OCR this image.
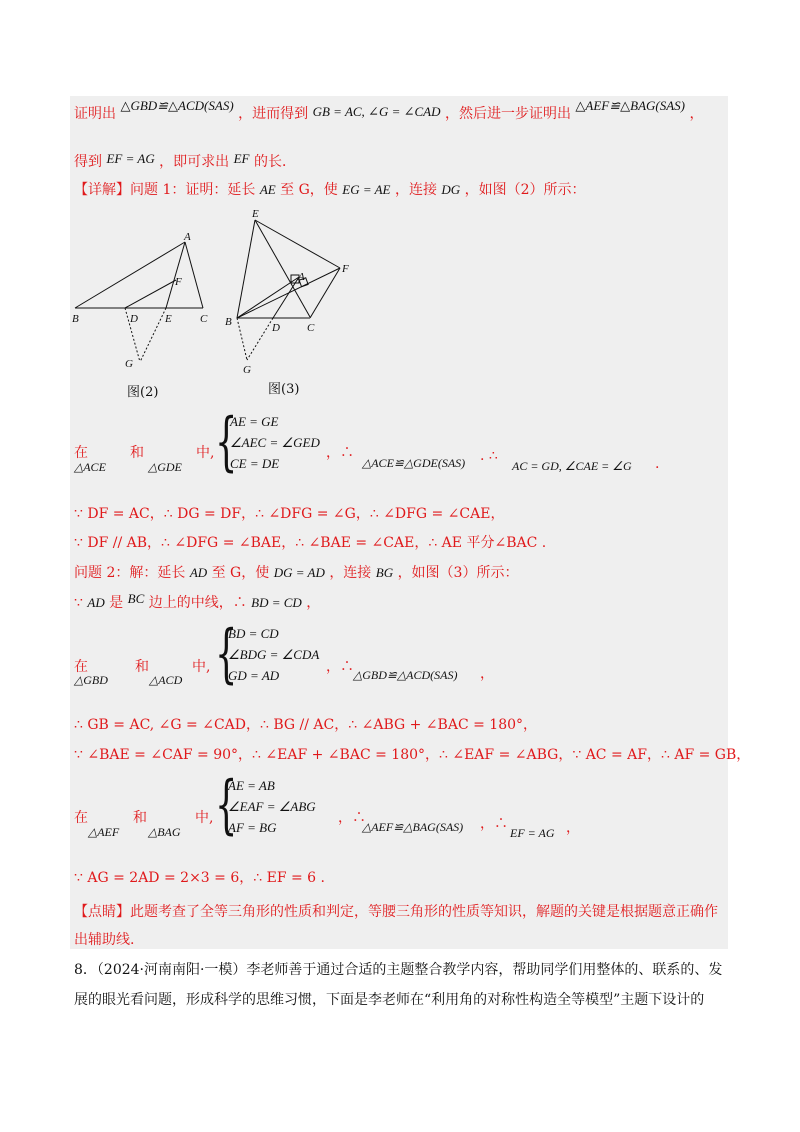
证明出 △GBD≌△ACD(SAS) ，进而得到 GB = AC, ∠G = ∠CAD ，然后进一步证明出 △AEF≌△BAG(SAS) ，
得到 EF = AG ，即可求出 EF 的长．
【详解】问题 1：证明：延长 AE 至 G，使 EG = AE ，连接 DG ，如图（2）所示：
A
F
B	D E	C
G
图(2)
E
F
A
B	D C
G
图(3)
在	和	中,
△ACE	△GDE {
AE = GE
∠AEC = ∠GED
CE = DE
，∴
△ACE≌△GDE(SAS) . ∴
AC = GD, ∠CAE = ∠G .
∵ DF = AC，∴ DG = DF，∴ ∠DFG = ∠G，∴ ∠DFG = ∠CAE，
∵ DF // AB，∴ ∠DFG = ∠BAE，∴ ∠BAE = ∠CAE，∴ AE 平分∠BAC .
问题 2：解：延长 AD 至 G，使 DG = AD ，连接 BG ，如图（3）所示：
∵ AD 是 BC 边上的中线，∴ BD = CD ，
在	和	中,
△GBD	△ACD {
BD = CD
∠BDG = ∠CDA
GD = AD
，∴ △GBD≌△ACD(SAS) ，
∴ GB = AC, ∠G = ∠CAD，∴ BG // AC，∴ ∠ABG + ∠BAC = 180°，
∵ ∠BAE = ∠CAF = 90°，∴ ∠EAF + ∠BAC = 180°，∴ ∠EAF = ∠ABG，∵ AC = AF，∴ AF = GB，
在	和	中,
△AEF △BAG {
AE = AB
∠EAF = ∠ABG
AF = BG
，∴
△AEF≌△BAG(SAS) ，∴
EF = AG ，
∵ AG = 2AD = 2×3 = 6，∴ EF = 6 .
【点睛】此题考查了全等三角形的性质和判定，等腰三角形的性质等知识，解题的关键是根据题意正确作
出辅助线.
8．（2024·河南南阳·一模）李老师善于通过合适的主题整合教学内容，帮助同学们用整体的、联系的、发
展的眼光看问题，形成科学的思维习惯，下面是李老师在“利用角的对称性构造全等模型”主题下设计的
